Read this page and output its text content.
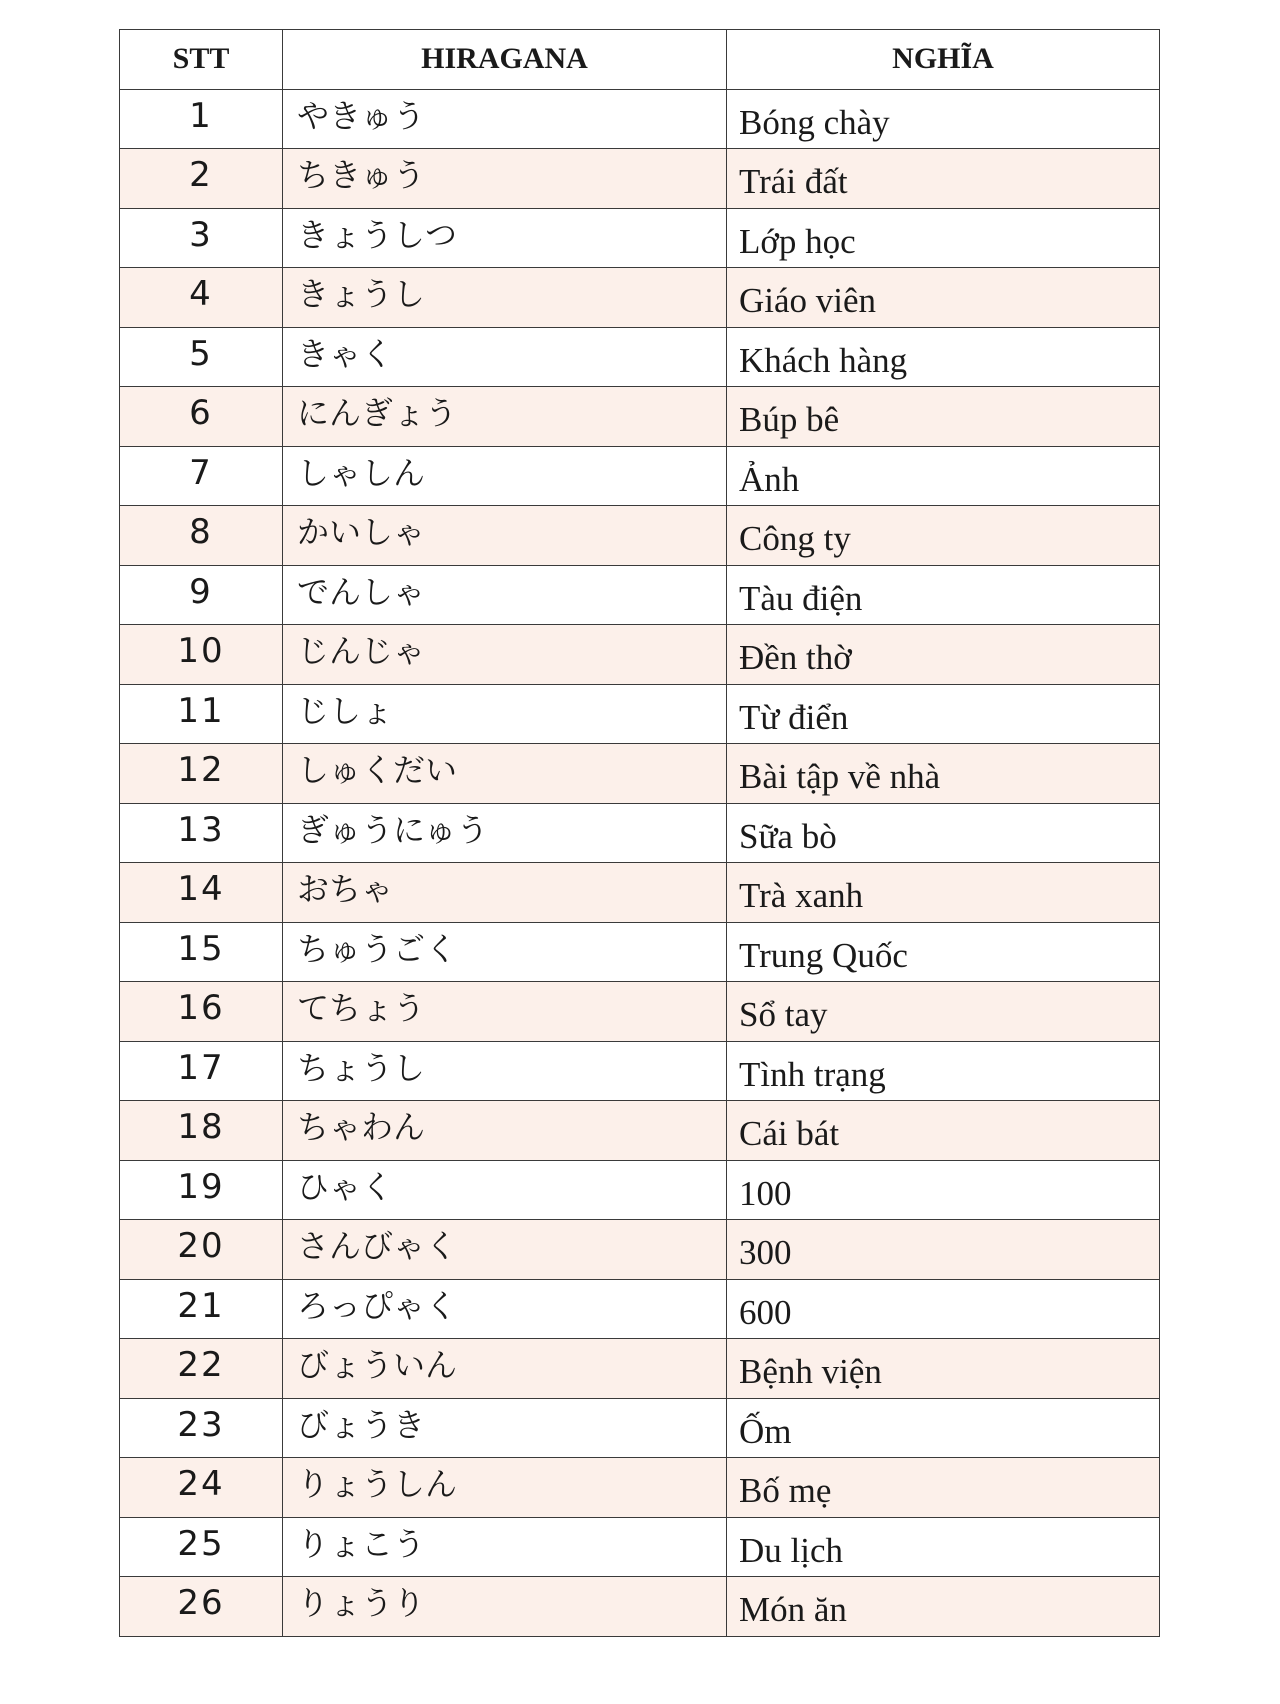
STT	HIRAGANA	NGHĨA
1	やきゅう	Bóng chày
2	ちきゅう	Trái đất
3	きょうしつ	Lớp học
4	きょうし	Giáo viên
5	きゃく	Khách hàng
6	にんぎょう	Búp bê
7	しゃしん	Ảnh
8	かいしゃ	Công ty
9	でんしゃ	Tàu điện
10	じんじゃ	Đền thờ
11	じしょ	Từ điển
12	しゅくだい	Bài tập về nhà
13	ぎゅうにゅう	Sữa bò
14	おちゃ	Trà xanh
15	ちゅうごく	Trung Quốc
16	てちょう	Sổ tay
17	ちょうし	Tình trạng
18	ちゃわん	Cái bát
19	ひゃく	100
20	さんびゃく	300
21	ろっぴゃく	600
22	びょういん	Bệnh viện
23	びょうき	Ốm
24	りょうしん	Bố mẹ
25	りょこう	Du lịch
26	りょうり	Món ăn
